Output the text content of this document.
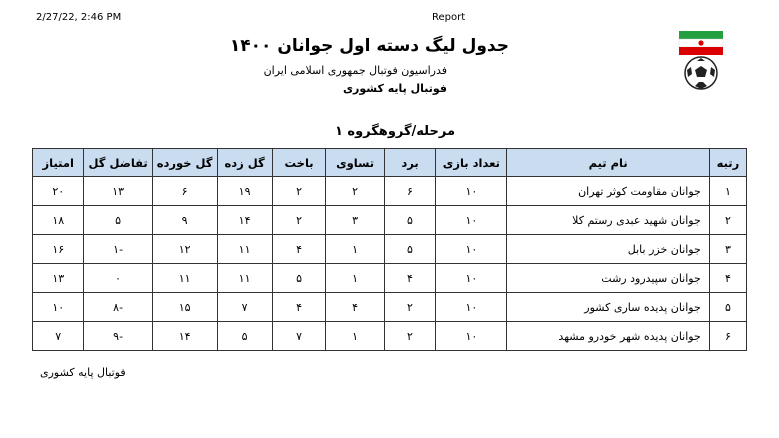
2/27/22, 2:46 PM	Report
جدول لیگ دسته اول جوانان ۱۴۰۰
فدراسیون فوتبال جمهوری اسلامی ایران
فوتبال پایه کشوری
مرحله/گروهگروه ۱
رتبه	نام تیم	تعداد بازی	برد	تساوی	باخت	گل زده	گل خورده	تفاضل گل	امتیاز
۱	جوانان مقاومت کوثر تهران	۱۰	۶	۲	۲	۱۹	۶	۱۳	۲۰
۲	جوانان شهید عبدی رستم کلا	۱۰	۵	۳	۲	۱۴	۹	۵	۱۸
۳	جوانان خزر بابل	۱۰	۵	۱	۴	۱۱	۱۲	-۱	۱۶
۴	جوانان سپیدرود رشت	۱۰	۴	۱	۵	۱۱	۱۱	۰	۱۳
۵	جوانان پدیده ساری کشور	۱۰	۲	۴	۴	۷	۱۵	-۸	۱۰
۶	جوانان پدیده شهر خودرو مشهد	۱۰	۲	۱	۷	۵	۱۴	-۹	۷
فوتبال پایه کشوری
